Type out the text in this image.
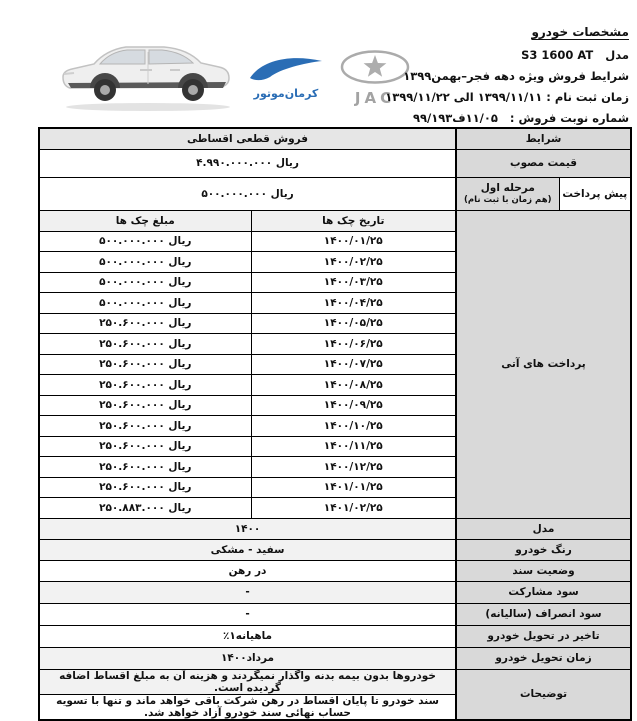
کرمان‌موتور	JAC
مشخصات خودرو
مدلS3 1600 AT
شرایط فروش ویژه دهه فجر–بهمن۱۳۹۹
زمان ثبت نام : ۱۳۹۹/۱۱/۱۱ الی ۱۳۹۹/۱۱/۲۲
شماره نوبت فروش :۱۱/۰۵ف۹۹/۱۹۳
شرایط		فروش قطعی اقساطی	
قیمت مصوب		۴.۹۹۰.۰۰۰.۰۰۰ ریال	
پیش پرداخت	مرحله اول
(هم زمان با ثبت نام)	۵۰۰.۰۰۰.۰۰۰ ریال	
پرداخت های آتی		تاریخ چک ها	مبلغ چک ها
		۱۴۰۰/۰۱/۲۵	۵۰۰.۰۰۰.۰۰۰ ریال
		۱۴۰۰/۰۲/۲۵	۵۰۰.۰۰۰.۰۰۰ ریال
		۱۴۰۰/۰۳/۲۵	۵۰۰.۰۰۰.۰۰۰ ریال
		۱۴۰۰/۰۴/۲۵	۵۰۰.۰۰۰.۰۰۰ ریال
		۱۴۰۰/۰۵/۲۵	۲۵۰.۶۰۰.۰۰۰ ریال
		۱۴۰۰/۰۶/۲۵	۲۵۰.۶۰۰.۰۰۰ ریال
		۱۴۰۰/۰۷/۲۵	۲۵۰.۶۰۰.۰۰۰ ریال
		۱۴۰۰/۰۸/۲۵	۲۵۰.۶۰۰.۰۰۰ ریال
		۱۴۰۰/۰۹/۲۵	۲۵۰.۶۰۰.۰۰۰ ریال
		۱۴۰۰/۱۰/۲۵	۲۵۰.۶۰۰.۰۰۰ ریال
		۱۴۰۰/۱۱/۲۵	۲۵۰.۶۰۰.۰۰۰ ریال
		۱۴۰۰/۱۲/۲۵	۲۵۰.۶۰۰.۰۰۰ ریال
		۱۴۰۱/۰۱/۲۵	۲۵۰.۶۰۰.۰۰۰ ریال
		۱۴۰۱/۰۲/۲۵	۲۵۰.۸۸۳.۰۰۰ ریال
مدل		۱۴۰۰	
رنگ خودرو		سفید - مشکی	
وضعیت سند		در رهن	
سود مشارکت		-	
سود انصراف (سالیانه)		-	
تاخیر در تحویل خودرو		٪۱ماهیانه	
زمان تحویل خودرو		مرداد۱۴۰۰	
توضیحات		خودروها بدون بیمه بدنه واگذار نمیگردند و هزینه آن به مبلغ اقساط اضافه گردیده است.	
		سند خودرو تا پایان اقساط در رهن شرکت باقی خواهد ماند و تنها با تسویه حساب نهائی سند خودرو آزاد خواهد شد.	
